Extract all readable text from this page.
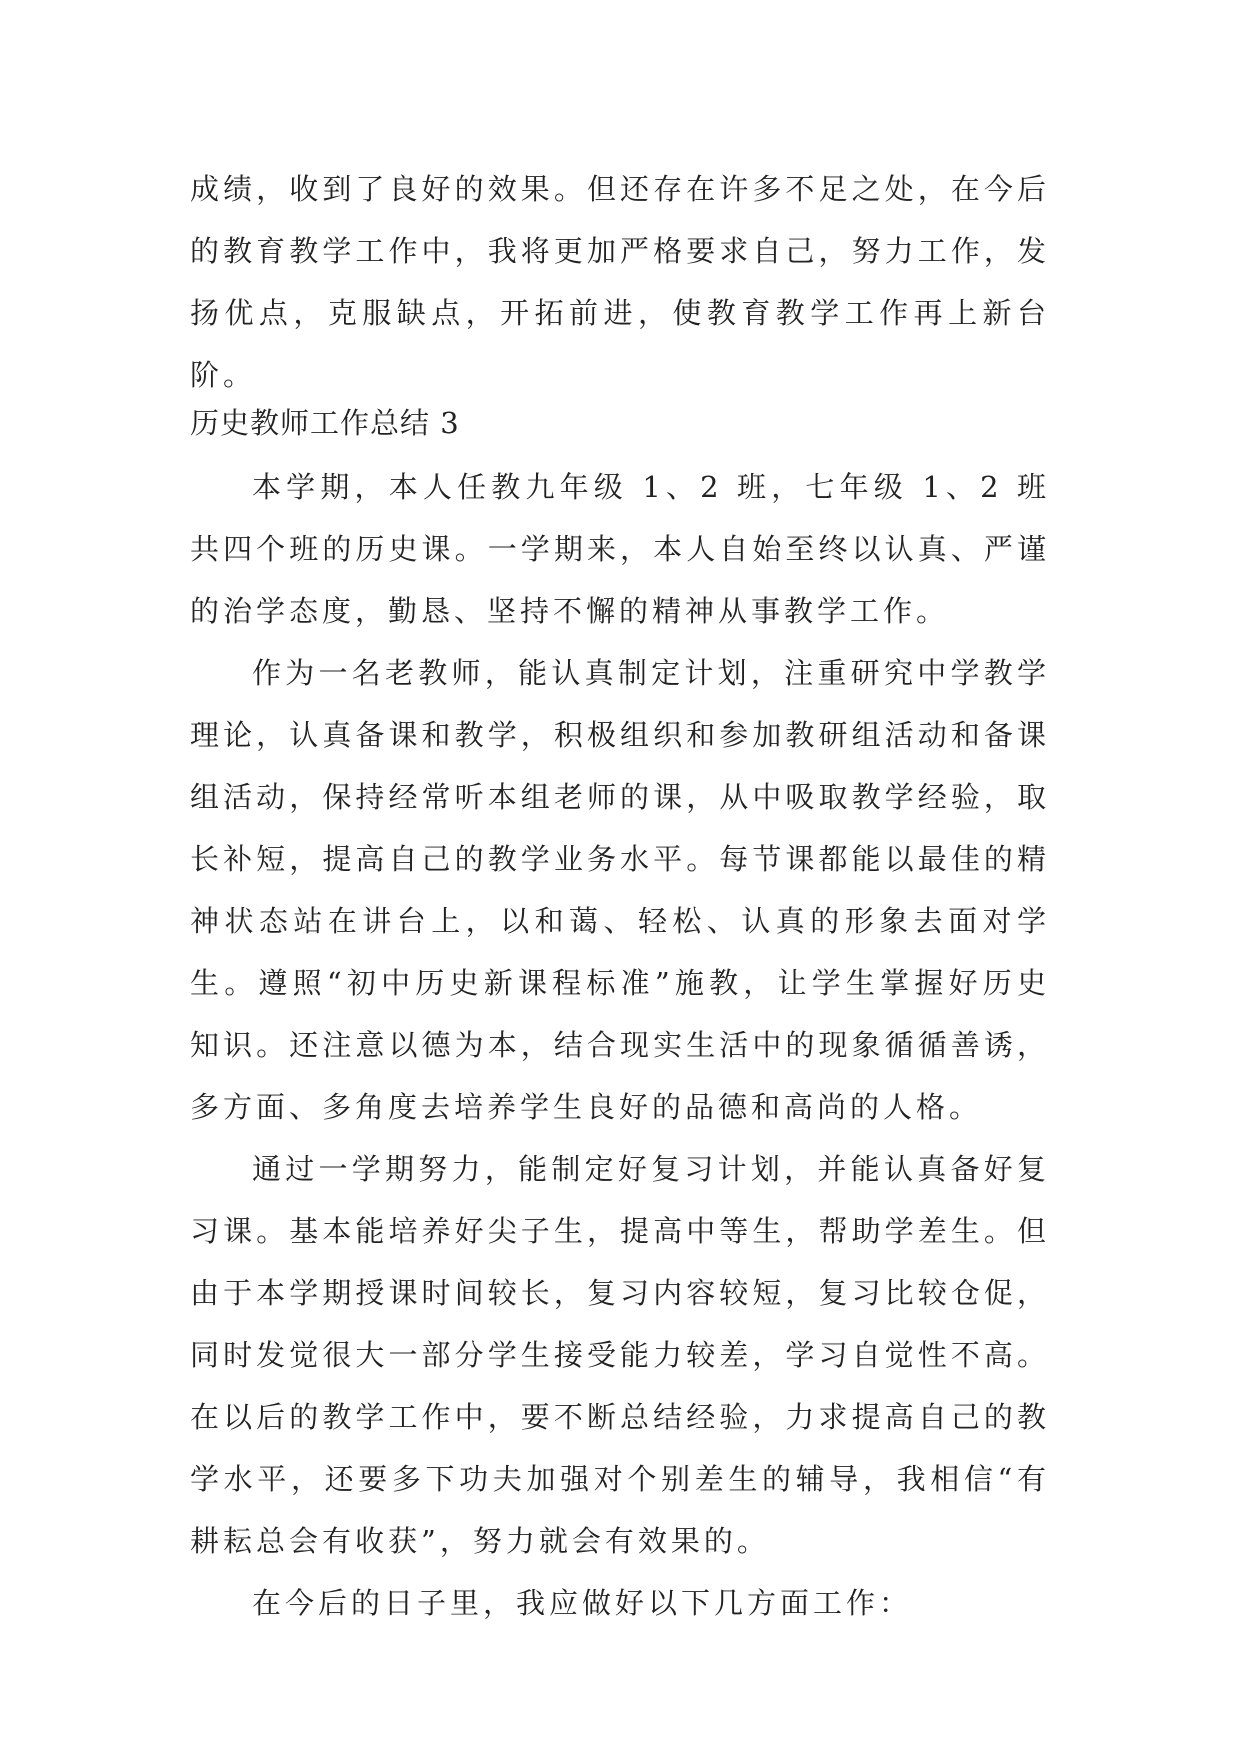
成绩，收到了良好的效果。但还存在许多不足之处，在今后的教育教学工作中，我将更加严格要求自己，努力工作，发扬优点，克服缺点，开拓前进，使教育教学工作再上新台阶。

历史教师工作总结 3

本学期，本人任教九年级 1、2 班，七年级 1、2 班共四个班的历史课。一学期来，本人自始至终以认真、严谨的治学态度，勤恳、坚持不懈的精神从事教学工作。

作为一名老教师，能认真制定计划，注重研究中学教学理论，认真备课和教学，积极组织和参加教研组活动和备课组活动，保持经常听本组老师的课，从中吸取教学经验，取长补短，提高自己的教学业务水平。每节课都能以最佳的精神状态站在讲台上，以和蔼、轻松、认真的形象去面对学生。遵照“初中历史新课程标准”施教，让学生掌握好历史知识。还注意以德为本，结合现实生活中的现象循循善诱，多方面、多角度去培养学生良好的品德和高尚的人格。

通过一学期努力，能制定好复习计划，并能认真备好复习课。基本能培养好尖子生，提高中等生，帮助学差生。但由于本学期授课时间较长，复习内容较短，复习比较仓促，同时发觉很大一部分学生接受能力较差，学习自觉性不高。在以后的教学工作中，要不断总结经验，力求提高自己的教学水平，还要多下功夫加强对个别差生的辅导，我相信“有耕耘总会有收获”，努力就会有效果的。

在今后的日子里，我应做好以下几方面工作：
